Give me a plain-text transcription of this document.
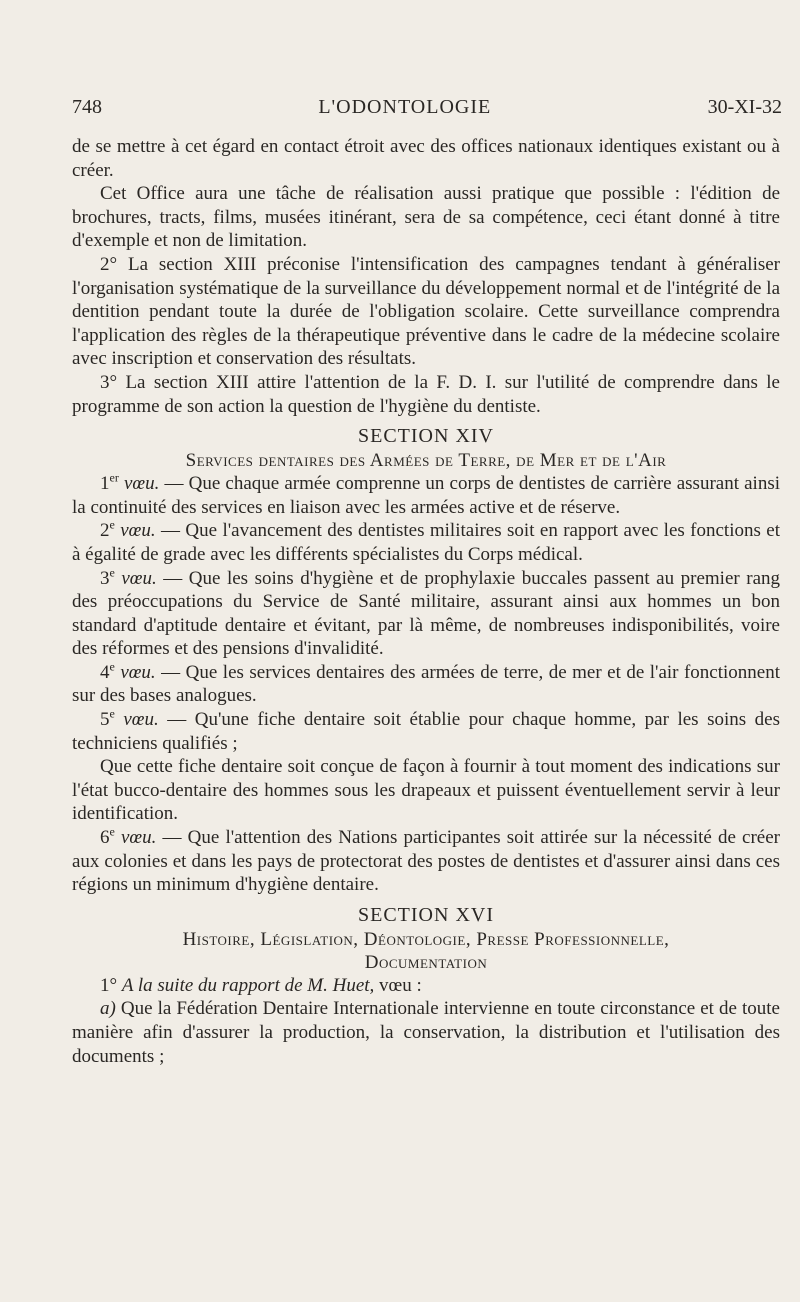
748	L'ODONTOLOGIE	30-XI-32

de se mettre à cet égard en contact étroit avec des offices nationaux identiques existant ou à créer.

Cet Office aura une tâche de réalisation aussi pratique que possible : l'édition de brochures, tracts, films, musées itinérant, sera de sa compétence, ceci étant donné à titre d'exemple et non de limitation.

2° La section XIII préconise l'intensification des campagnes tendant à généraliser l'organisation systématique de la surveillance du développement normal et de l'intégrité de la dentition pendant toute la durée de l'obligation scolaire. Cette surveillance comprendra l'application des règles de la thérapeutique préventive dans le cadre de la médecine scolaire avec inscription et conservation des résultats.

3° La section XIII attire l'attention de la F. D. I. sur l'utilité de comprendre dans le programme de son action la question de l'hygiène du dentiste.

SECTION XIV
Services dentaires des Armées de Terre, de Mer et de l'Air

1er vœu. — Que chaque armée comprenne un corps de dentistes de carrière assurant ainsi la continuité des services en liaison avec les armées active et de réserve.

2e vœu. — Que l'avancement des dentistes militaires soit en rapport avec les fonctions et à égalité de grade avec les différents spécialistes du Corps médical.

3e vœu. — Que les soins d'hygiène et de prophylaxie buccales passent au premier rang des préoccupations du Service de Santé militaire, assurant ainsi aux hommes un bon standard d'aptitude dentaire et évitant, par là même, de nombreuses indisponibilités, voire des réformes et des pensions d'invalidité.

4e vœu. — Que les services dentaires des armées de terre, de mer et de l'air fonctionnent sur des bases analogues.

5e vœu. — Qu'une fiche dentaire soit établie pour chaque homme, par les soins des techniciens qualifiés ;

Que cette fiche dentaire soit conçue de façon à fournir à tout moment des indications sur l'état bucco-dentaire des hommes sous les drapeaux et puissent éventuellement servir à leur identification.

6e vœu. — Que l'attention des Nations participantes soit attirée sur la nécessité de créer aux colonies et dans les pays de protectorat des postes de dentistes et d'assurer ainsi dans ces régions un minimum d'hygiène dentaire.

SECTION XVI
Histoire, Législation, Déontologie, Presse Professionnelle,
Documentation

1° A la suite du rapport de M. Huet, vœu :

a) Que la Fédération Dentaire Internationale intervienne en toute circonstance et de toute manière afin d'assurer la production, la conservation, la distribution et l'utilisation des documents ;
